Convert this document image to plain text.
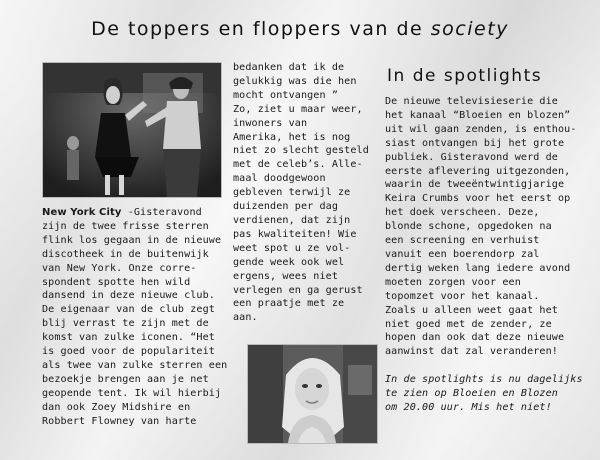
De toppers en floppers van de society

New York City -Gisteravond

zijn de twee frisse sterren

flink los gegaan in de nieuwe

discotheek in de buitenwijk

van New York. Onze corre-

spondent spotte hen wild

dansend in deze nieuwe club.

De eigenaar van de club zegt

blij verrast te zijn met de

komst van zulke iconen. “Het

is goed voor de populariteit

als twee van zulke sterren een

bezoekje brengen aan je net

geopende tent. Ik wil hierbij

dan ook Zoey Midshire en

Robbert Flowney van harte

bedanken dat ik de

gelukkig was die hen

mocht ontvangen ”

Zo, ziet u maar weer,

inwoners van

Amerika, het is nog

niet zo slecht gesteld

met de celeb’s. Alle-

maal doodgewoon

gebleven terwijl ze

duizenden per dag

verdienen, dat zijn

pas kwaliteiten! Wie

weet spot u ze vol-

gende week ook wel

ergens, wees niet

verlegen en ga gerust

een praatje met ze

aan.

In de spotlights

De nieuwe televisieserie die

het kanaal “Bloeien en blozen”

uit wil gaan zenden, is enthou-

siast ontvangen bij het grote

publiek. Gisteravond werd de

eerste aflevering uitgezonden,

waarin de tweeëntwintigjarige

Keira Crumbs voor het eerst op

het doek verscheen. Deze,

blonde schone, opgedoken na

een screening en verhuist

vanuit een boerendorp zal

dertig weken lang iedere avond

moeten zorgen voor een

topomzet voor het kanaal.

Zoals u alleen weet gaat het

niet goed met de zender, ze

hopen dan ook dat deze nieuwe

aanwinst dat zal veranderen!

In de spotlights is nu dagelijks

te zien op Bloeien en Blozen

om 20.00 uur. Mis het niet!
